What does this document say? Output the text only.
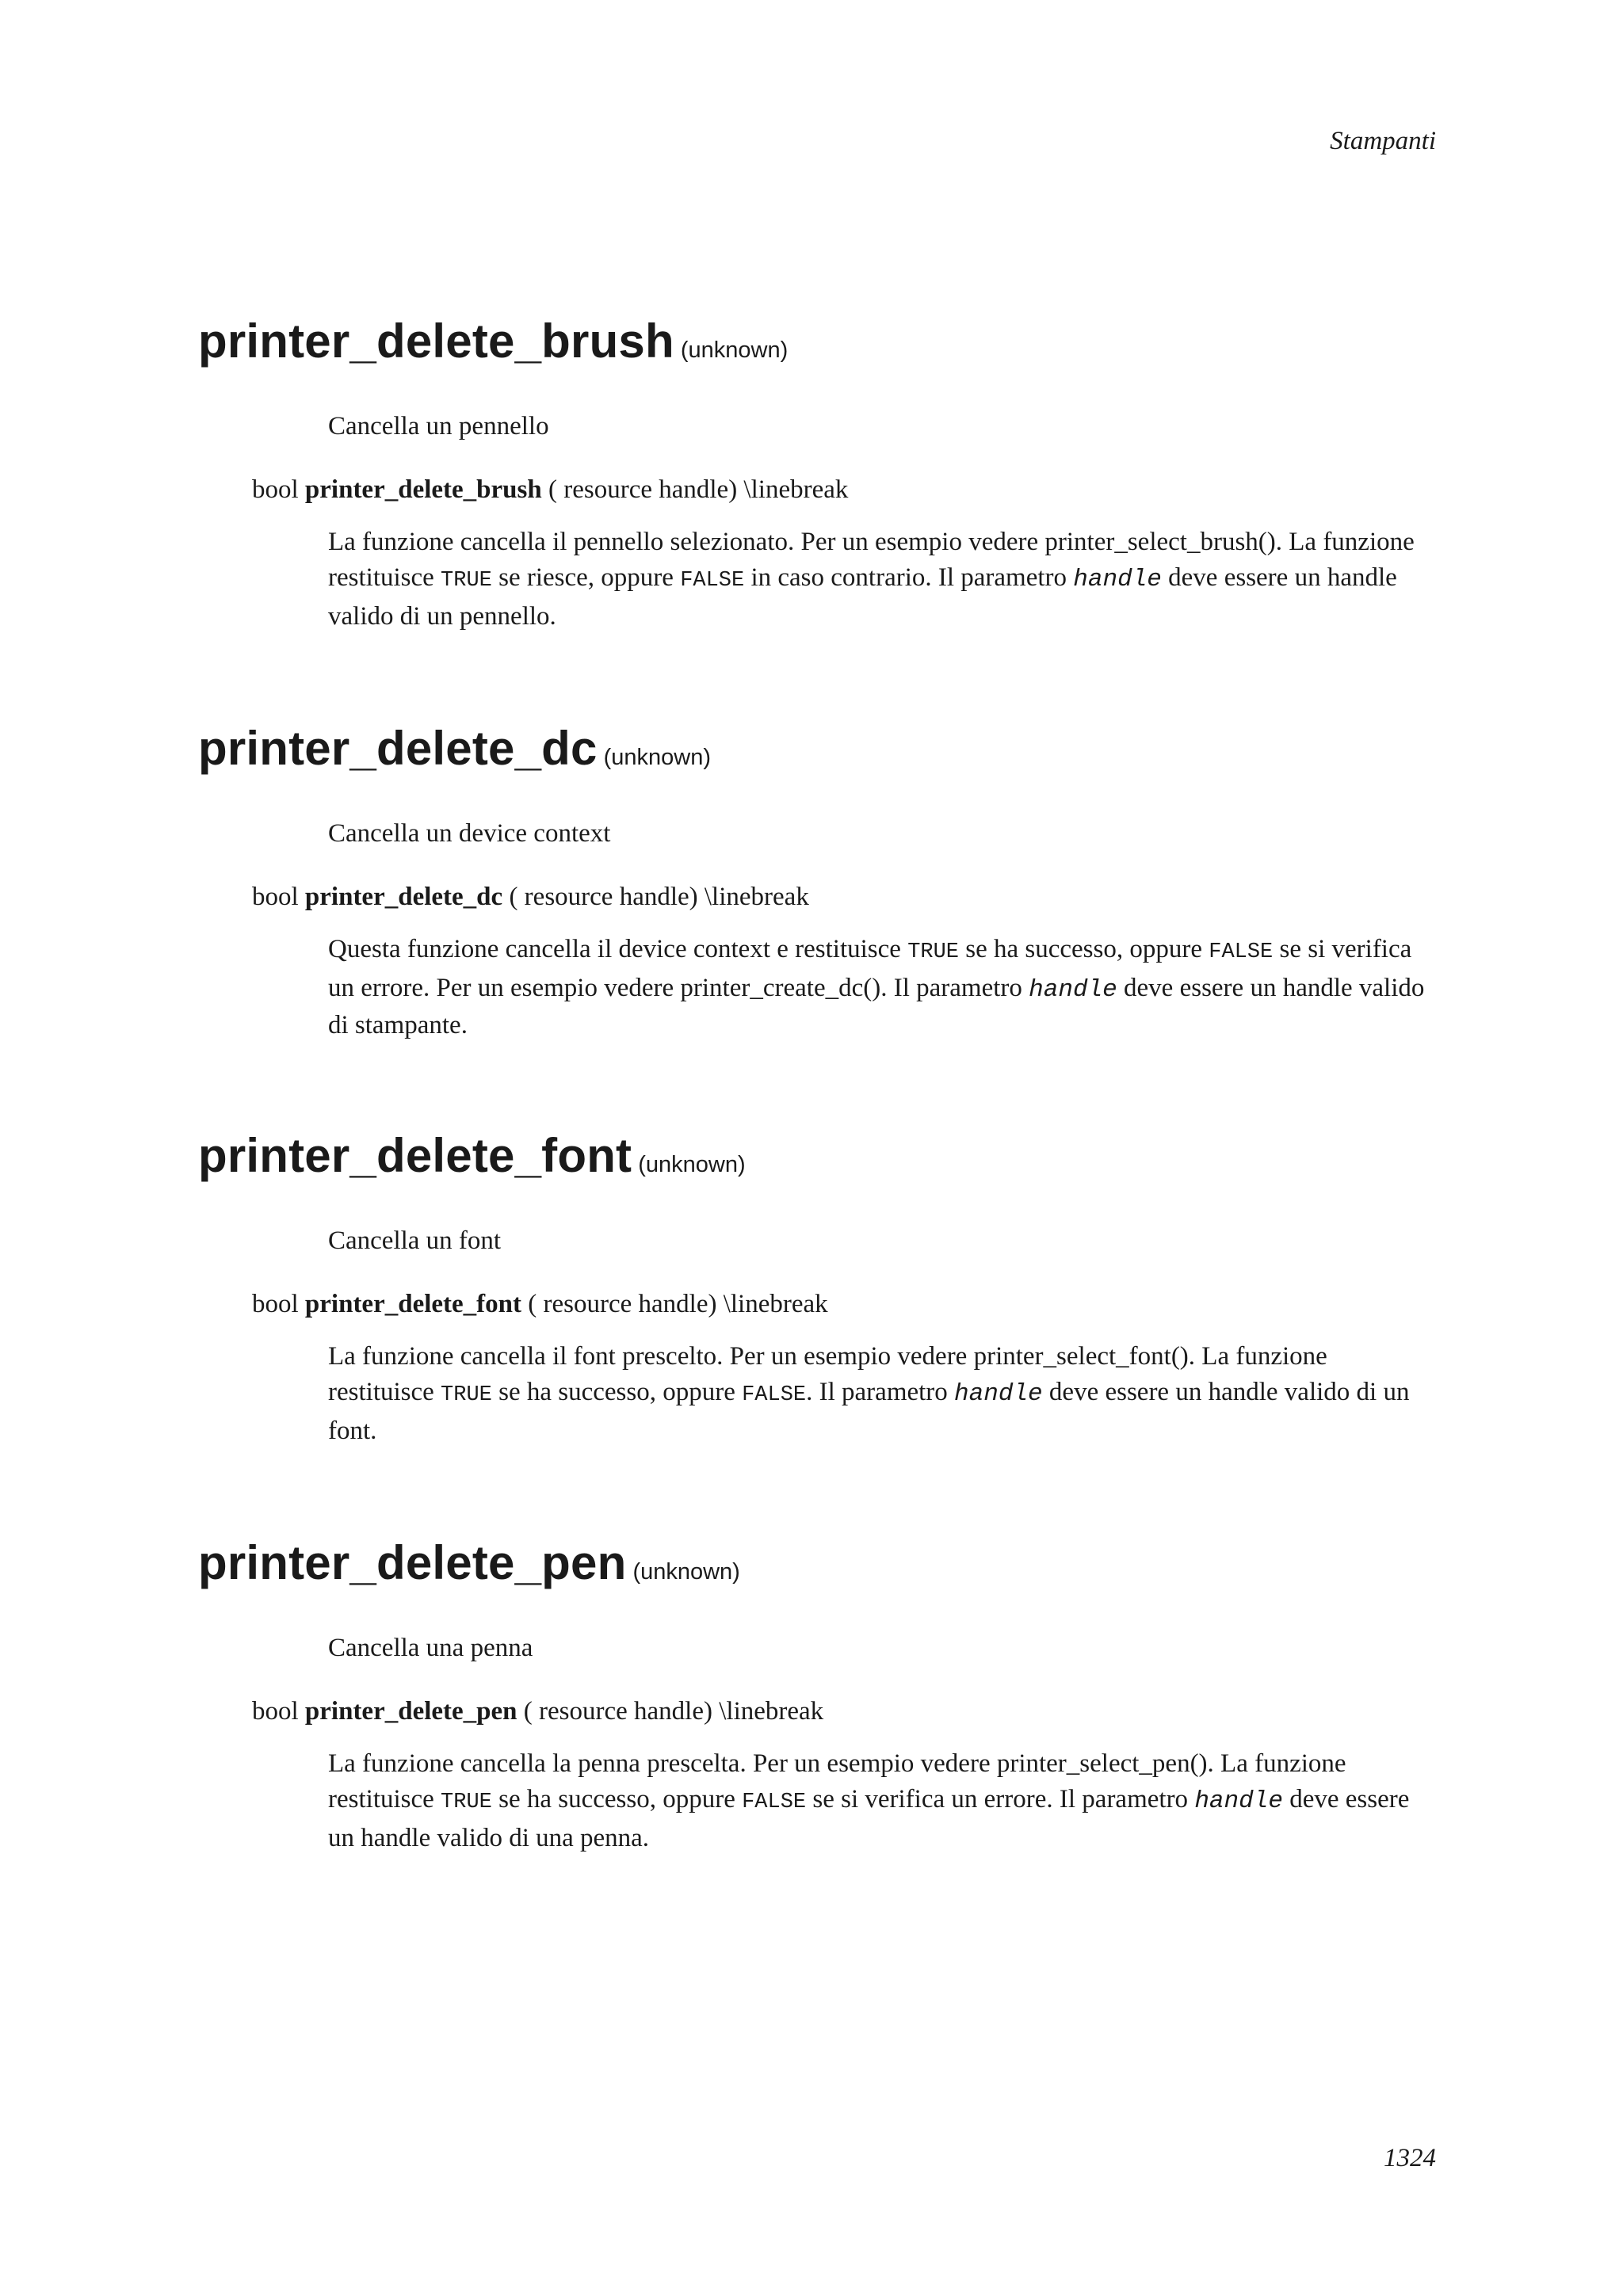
Stampanti
printer_delete_brush (unknown)
Cancella un pennello
bool printer_delete_brush ( resource handle) \linebreak
La funzione cancella il pennello selezionato. Per un esempio vedere printer_select_brush(). La funzione restituisce TRUE se riesce, oppure FALSE in caso contrario. Il parametro handle deve essere un handle valido di un pennello.
printer_delete_dc (unknown)
Cancella un device context
bool printer_delete_dc ( resource handle) \linebreak
Questa funzione cancella il device context e restituisce TRUE se ha successo, oppure FALSE se si verifica un errore. Per un esempio vedere printer_create_dc(). Il parametro handle deve essere un handle valido di stampante.
printer_delete_font (unknown)
Cancella un font
bool printer_delete_font ( resource handle) \linebreak
La funzione cancella il font prescelto. Per un esempio vedere printer_select_font(). La funzione restituisce TRUE se ha successo, oppure FALSE. Il parametro handle deve essere un handle valido di un font.
printer_delete_pen (unknown)
Cancella una penna
bool printer_delete_pen ( resource handle) \linebreak
La funzione cancella la penna prescelta. Per un esempio vedere printer_select_pen(). La funzione restituisce TRUE se ha successo, oppure FALSE se si verifica un errore. Il parametro handle deve essere un handle valido di una penna.
1324
